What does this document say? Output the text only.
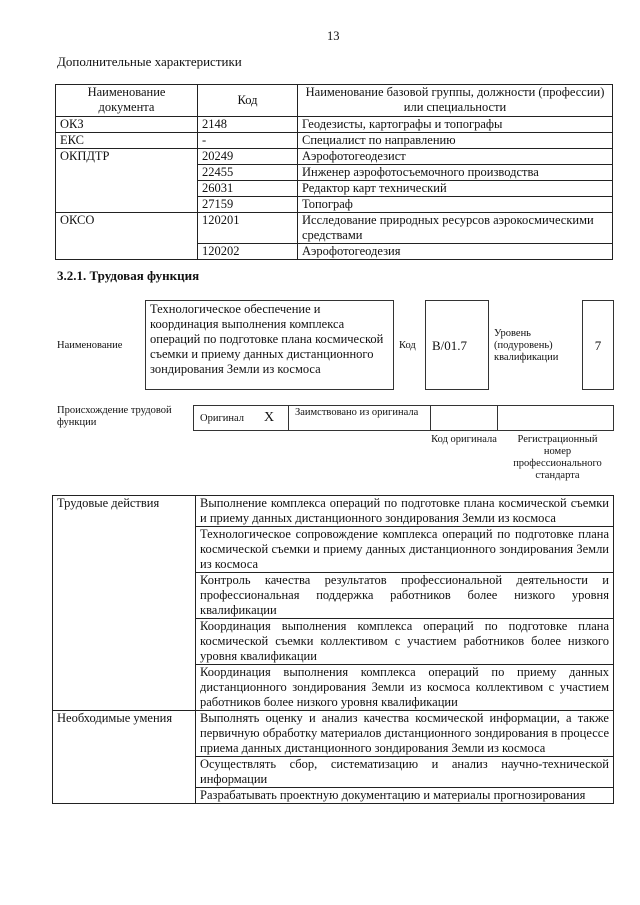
13
Дополнительные характеристики
Наименование документа	Код	Наименование базовой группы, должности (профессии) или специальности
ОКЗ	2148	Геодезисты, картографы и топографы
ЕКС	-	Специалист по направлению
ОКПДТР	20249	Аэрофотогеодезист
	22455	Инженер аэрофотосъемочного производства
	26031	Редактор карт технический
	27159	Топограф
ОКСО	120201	Исследование природных ресурсов аэрокосмическими средствами
	120202	Аэрофотогеодезия
3.2.1. Трудовая функция
Наименование
Технологическое обеспечение и координация выполнения комплекса операций по подготовке плана космической съемки и приему данных дистанционного зондирования Земли из космоса
Код	B/01.7
Уровень (подуровень) квалификации
7
Происхождение трудовой функции	Оригинал X	Заимствовано из оригинала
Код оригинала	Регистрационный номер профессионального стандарта
Трудовые действия	Выполнение комплекса операций по подготовке плана космической съемки и приему данных дистанционного зондирования Земли из космоса
	Технологическое сопровождение комплекса операций по подготовке плана космической съемки и приему данных дистанционного зондирования Земли из космоса
	Контроль качества результатов профессиональной деятельности и профессиональная поддержка работников более низкого уровня квалификации
	Координация выполнения комплекса операций по подготовке плана космической съемки коллективом с участием работников более низкого уровня квалификации
	Координация выполнения комплекса операций по приему данных дистанционного зондирования Земли из космоса коллективом с участием работников более низкого уровня квалификации
Необходимые умения	Выполнять оценку и анализ качества космической информации, а также первичную обработку материалов дистанционного зондирования в процессе приема данных дистанционного зондирования Земли из космоса
	Осуществлять сбор, систематизацию и анализ научно-технической информации
	Разрабатывать проектную документацию и материалы прогнозирования
